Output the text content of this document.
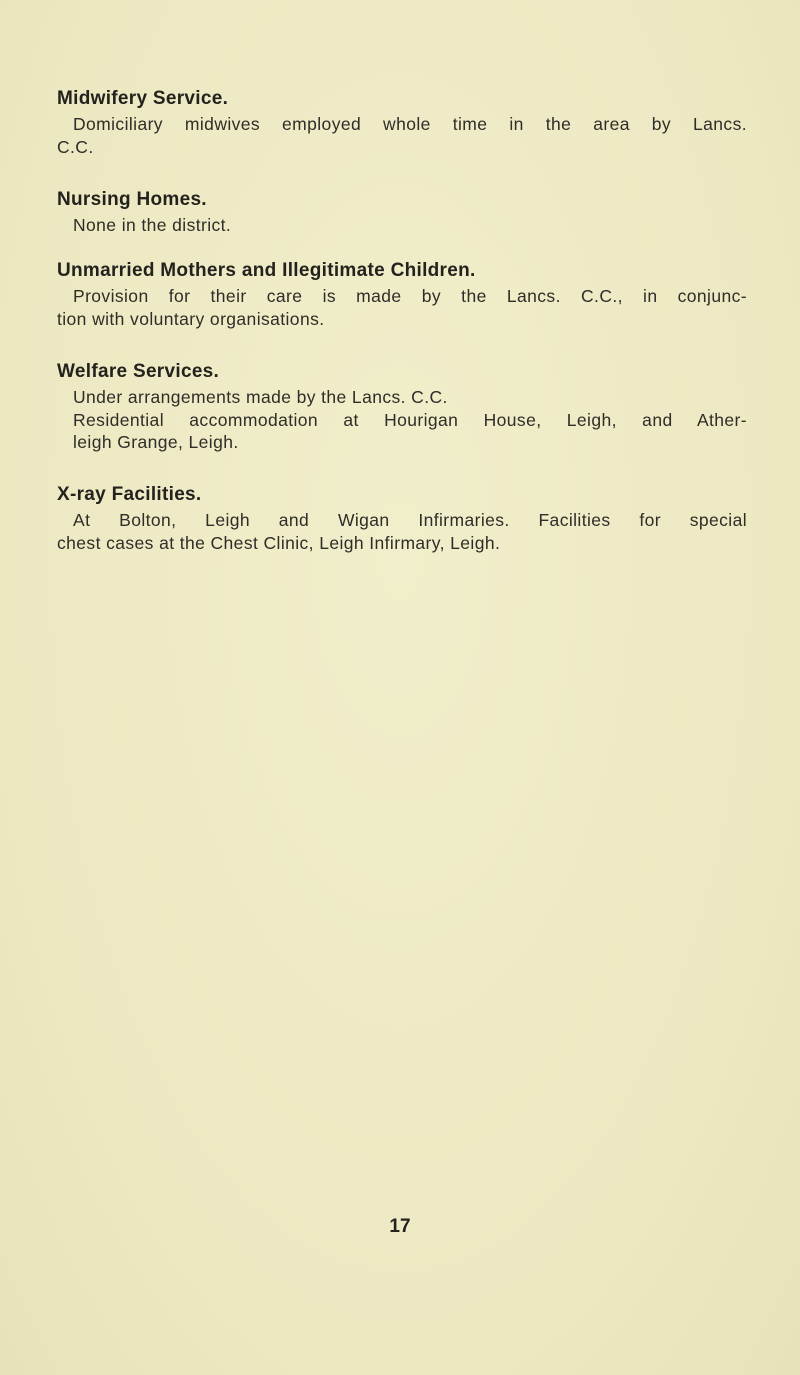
Midwifery Service.

Domiciliary midwives employed whole time in the area by Lancs.
C.C.

Nursing Homes.

None in the district.

Unmarried Mothers and Illegitimate Children.

Provision for their care is made by the Lancs. C.C., in conjunc-
tion with voluntary organisations.

Welfare Services.

Under arrangements made by the Lancs. C.C.
Residential accommodation at Hourigan House, Leigh, and Ather-
leigh Grange, Leigh.

X-ray Facilities.

At Bolton, Leigh and Wigan Infirmaries. Facilities for special
chest cases at the Chest Clinic, Leigh Infirmary, Leigh.

17
